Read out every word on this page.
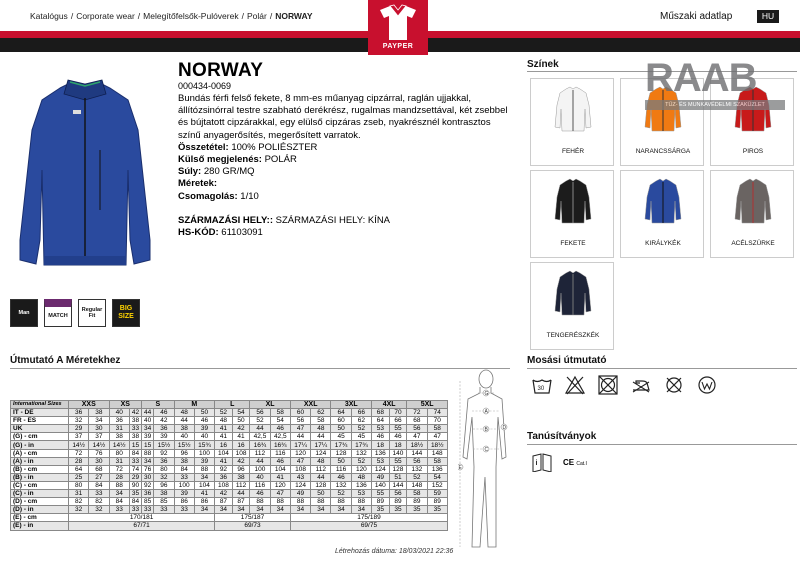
Katalógus / Corporate wear / Melegítőfelsők-Pulóverek / Polár / NORWAY
PAYPER
Műszaki adatlap	HU
Man
MATCH
Regular Fit
BIG SIZE
NORWAY
000434-0069
Bundás férfi felső fekete, 8 mm-es műanyag cipzárral, raglán ujjakkal, állítózsinórral testre szabható derékrész, rugalmas mandzsettával, két zsebbel és bújtatott cipzárakkal, egy elülső cipzáras zseb, nyakrésznél kontrasztos színű anyagerősítés, megerősített varratok.
Összetétel: 100% POLIÉSZTER
Külső megjelenés: POLÁR
Súly: 280 GR/MQ
Méretek:
Csomagolás: 1/10
SZÁRMAZÁSI HELY:: SZÁRMAZÁSI HELY: KÍNA
HS-KÓD: 61103091
Színek
FEHÉR	NARANCSSÁRGA	PIROS
FEKETE	KIRÁLYKÉK	ACÉLSZÜRKE
TENGERÉSZKÉK
RAAB
TŰZ- ÉS MUNKAVÉDELMI SZAKÜZLET
Útmutató A Méretekhez
International Sizes	XXS		XS		S		M		L		XL		XXL		3XL		4XL		5XL	
IT - DE	36	38	40	42	44	46	48	50	52	54	56	58	60	62	64	66	68	70	72	74
FR - ES	32	34	36	38	40	42	44	46	48	50	52	54	56	58	60	62	64	66	68	70
UK	29	30	31	33	34	36	38	39	41	42	44	46	47	48	50	52	53	55	56	58
(G) - cm	37	37	38	38	39	39	40	40	41	41	42,5	42,5	44	44	45	45	46	46	47	47
(G) - in	14½	14½	14½	15	15	15½	15½	15¾	16	16	16¾	16¾	17¼	17¼	17¾	17¾	18	18	18½	18½
(A) - cm	72	76	80	84	88	92	96	100	104	108	112	116	120	124	128	132	136	140	144	148
(A) - in	28	30	31	33	34	36	38	39	41	42	44	46	47	48	50	52	53	55	56	58
(B) - cm	64	68	72	74	76	80	84	88	92	96	100	104	108	112	116	120	124	128	132	136
(B) - in	25	27	28	29	30	32	33	34	36	38	40	41	43	44	46	48	49	51	52	54
(C) - cm	80	84	88	90	92	96	100	104	108	112	116	120	124	128	132	136	140	144	148	152
(C) - in	31	33	34	35	36	38	39	41	42	44	46	47	49	50	52	53	55	56	58	59
(D) - cm	82	82	84	84	85	85	86	86	87	87	88	88	88	88	88	88	89	89	89	89
(D) - in	32	32	33	33	33	33	33	34	34	34	34	34	34	34	34	34	35	35	35	35
(E) - cm	170/181								175/187				175/189							
(E) - in	67/71								69/73				69/75							
G
A
B
C
D
E
Létrehozás dátuma: 18/03/2021 22:36
Mosási útmutató
30
Tanúsítványok
i	CE Cat.I
